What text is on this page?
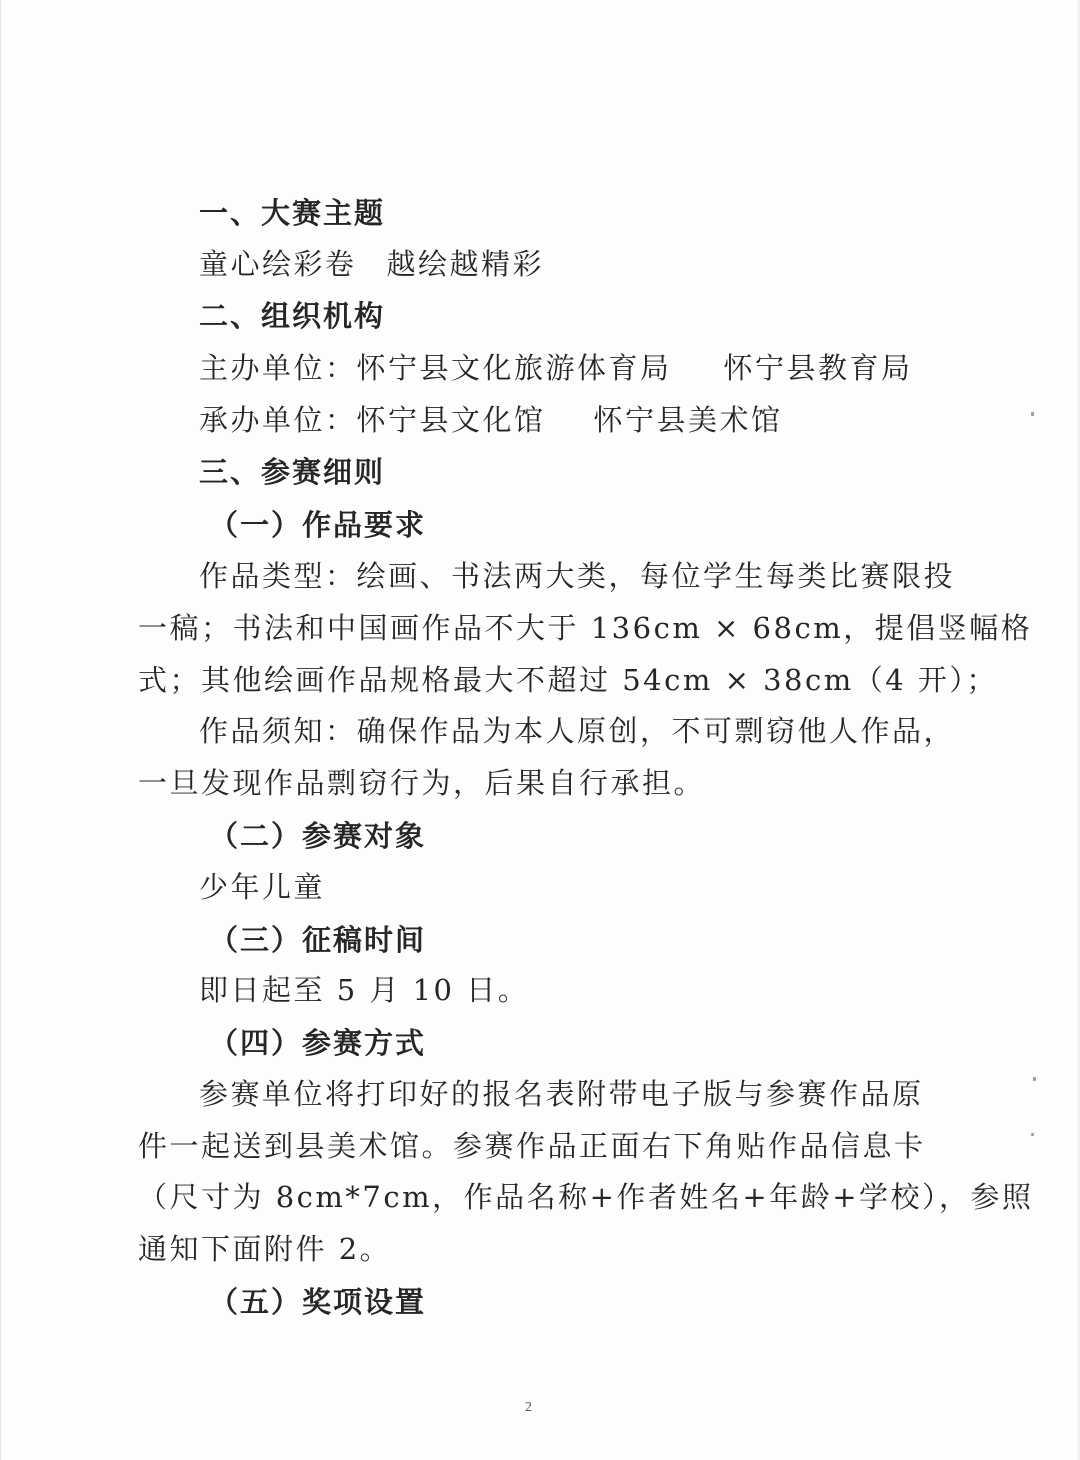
一、大赛主题

童心绘彩卷 越绘越精彩

二、组织机构

主办单位：怀宁县文化旅游体育局 怀宁县教育局

承办单位：怀宁县文化馆 怀宁县美术馆

三、参赛细则

（一）作品要求

作品类型：绘画、书法两大类，每位学生每类比赛限投

一稿；书法和中国画作品不大于 136cm × 68cm，提倡竖幅格

式；其他绘画作品规格最大不超过 54cm × 38cm（4 开）；

作品须知：确保作品为本人原创，不可剽窃他人作品，

一旦发现作品剽窃行为，后果自行承担。

（二）参赛对象

少年儿童

（三）征稿时间

即日起至 5 月 10 日。

（四）参赛方式

参赛单位将打印好的报名表附带电子版与参赛作品原

件一起送到县美术馆。参赛作品正面右下角贴作品信息卡

（尺寸为 8cm*7cm，作品名称+作者姓名+年龄+学校），参照

通知下面附件 2。

（五）奖项设置

2
